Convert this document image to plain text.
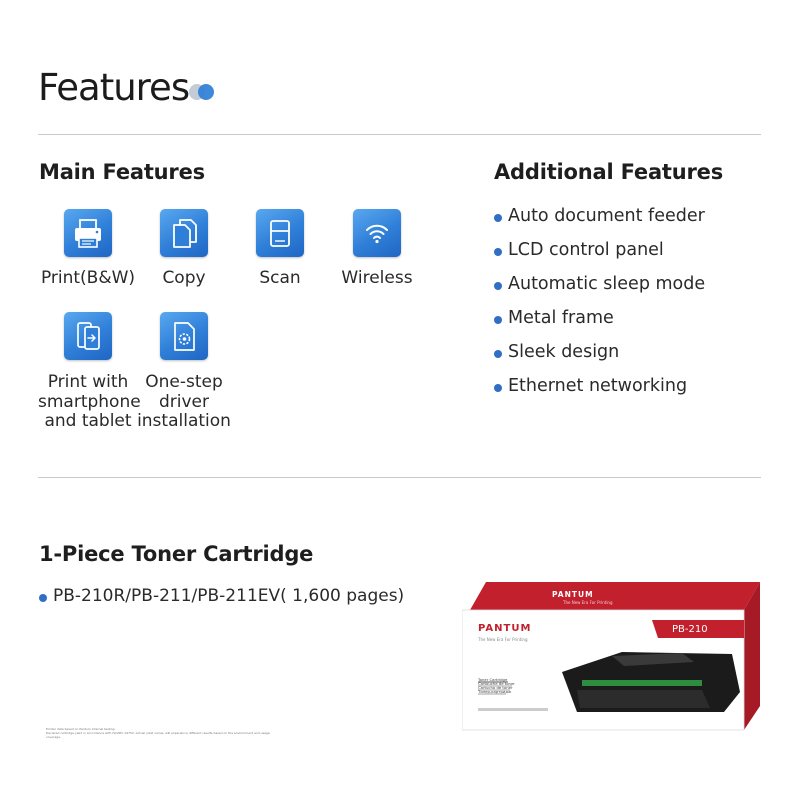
Features
Main Features
Print(B&W)	Copy	Scan	Wireless
Print with
smartphone
and tablet
One-step
driver
installation
Additional Features
Auto document feeder
LCD control panel
Automatic sleep mode
Metal frame
Sleek design
Ethernet networking
1-Piece Toner Cartridge
PB-210R/PB-211/PB-211EV( 1,600 pages)	PANTUM
The New Era For Printing
PANTUM
The New Era For Printing
PB-210
Toner Cartridge
Cartouche de toner
Cartucho de toner
Тонер-картридж
Printer data based on Pantum internal testing.
Declared cartridge yield in accordance with ISO/IEC 19752. Actual yield varies, will experience different results based on the environment and usage coverage.
